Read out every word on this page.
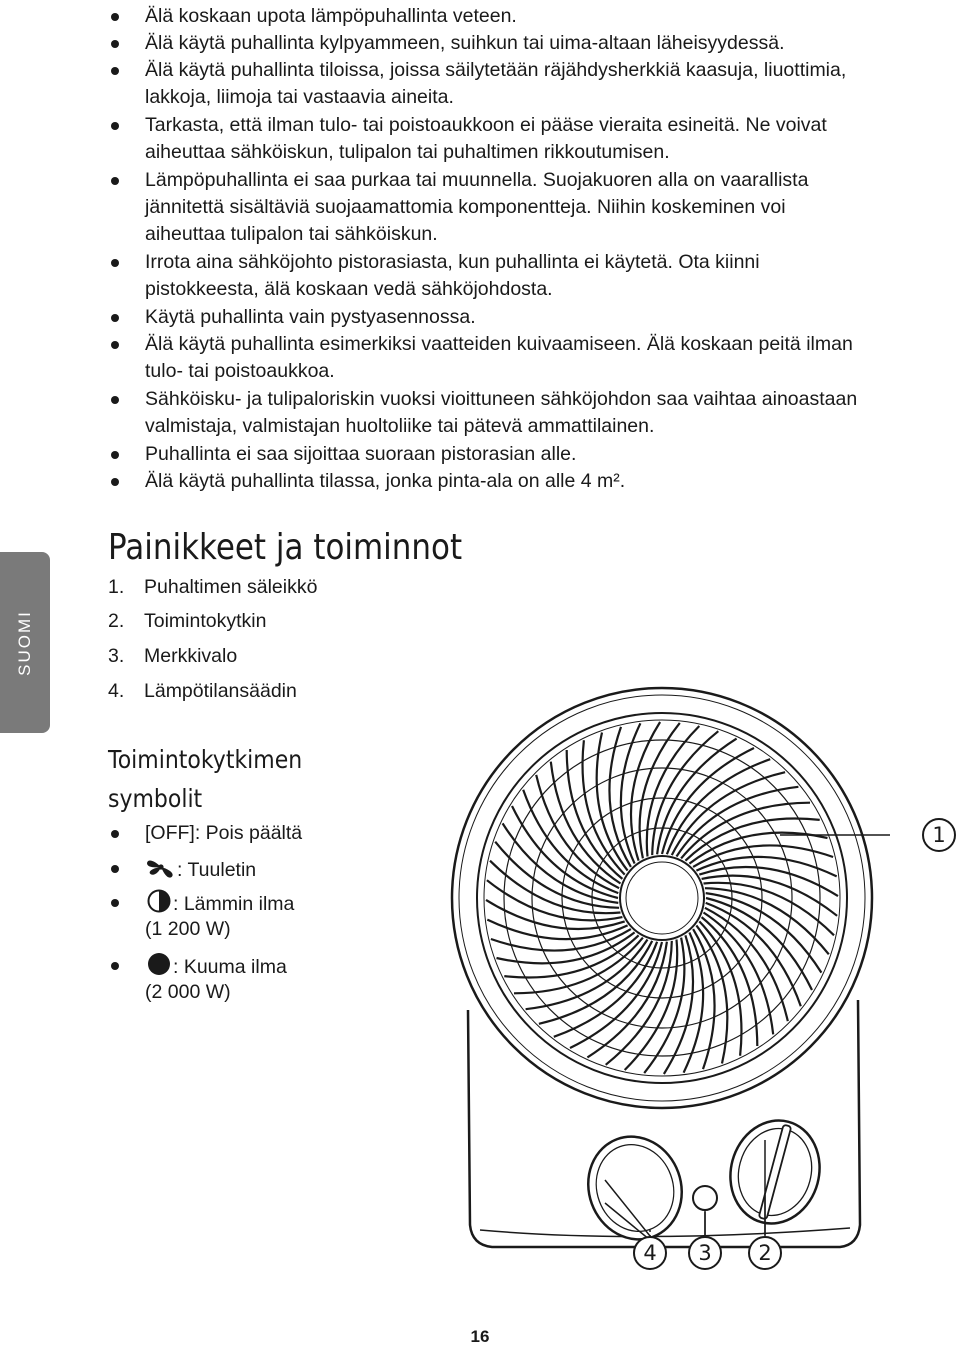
Älä koskaan upota lämpöpuhallinta veteen.
Älä käytä puhallinta kylpyammeen, suihkun tai uima-altaan läheisyydessä.
Älä käytä puhallinta tiloissa, joissa säilytetään räjähdysherkkiä kaasuja, liuottimia,
lakkoja, liimoja tai vastaavia aineita.
Tarkasta, että ilman tulo- tai poistoaukkoon ei pääse vieraita esineitä. Ne voivat
aiheuttaa sähköiskun, tulipalon tai puhaltimen rikkoutumisen.
Lämpöpuhallinta ei saa purkaa tai muunnella. Suojakuoren alla on vaarallista
jännitettä sisältäviä suojaamattomia komponentteja. Niihin koskeminen voi
aiheuttaa tulipalon tai sähköiskun.
Irrota aina sähköjohto pistorasiasta, kun puhallinta ei käytetä. Ota kiinni
pistokkeesta, älä koskaan vedä sähköjohdosta.
Käytä puhallinta vain pystyasennossa.
Älä käytä puhallinta esimerkiksi vaatteiden kuivaamiseen. Älä koskaan peitä ilman
tulo- tai poistoaukkoa.
Sähköisku- ja tulipaloriskin vuoksi vioittuneen sähköjohdon saa vaihtaa ainoastaan
valmistaja, valmistajan huoltoliike tai pätevä ammattilainen.
Puhallinta ei saa sijoittaa suoraan pistorasian alle.
Älä käytä puhallinta tilassa, jonka pinta-ala on alle 4 m².
SUOMI
Painikkeet ja toiminnot
1. Puhaltimen säleikkö
2. Toimintokytkin
3. Merkkivalo
4. Lämpötilansäädin
Toimintokytkimen
symbolit
[OFF]: Pois päältä
: Tuuletin
: Lämmin ilma
(1 200 W)
: Kuuma ilma
(2 000 W)
1
4	3	2
16
